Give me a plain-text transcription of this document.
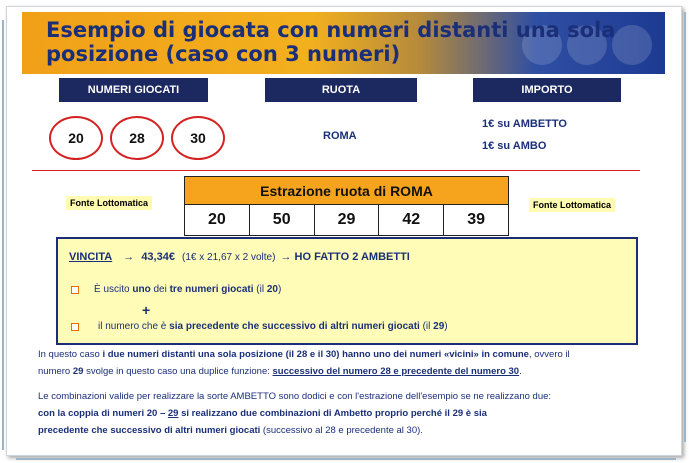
Esempio di giocata con numeri distanti una sola
posizione (caso con 3 numeri)
NUMERI GIOCATI	RUOTA	IMPORTO
20	28	30	ROMA
1€ su AMBETTO
1€ su AMBO
Fonte Lottomatica	Fonte Lottomatica
Estrazione ruota di ROMA
20	50	29	42	39
VINCITA → 43,34€ (1€ x 21,67 x 2 volte) → HO FATTO 2 AMBETTI
È uscito uno dei tre numeri giocati (il 20)
+
il numero che è sia precedente che successivo di altri numeri giocati (il 29)
In questo caso i due numeri distanti una sola posizione (il 28 e il 30) hanno uno dei numeri «vicini» in comune, ovvero il
numero 29 svolge in questo caso una duplice funzione: successivo del numero 28 e precedente del numero 30.
Le combinazioni valide per realizzare la sorte AMBETTO sono dodici e con l'estrazione dell'esempio se ne realizzano due:
con la coppia di numeri 20 – 29 si realizzano due combinazioni di Ambetto proprio perché il 29 è sia
precedente che successivo di altri numeri giocati (successivo al 28 e precedente al 30).
